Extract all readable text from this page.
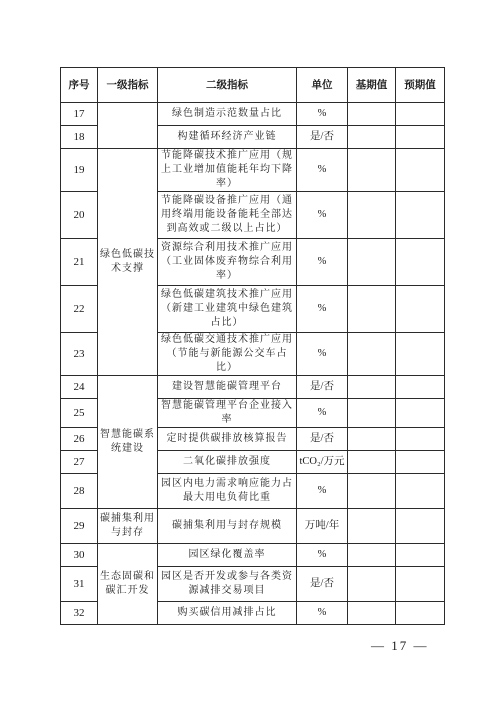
序号	一级指标	二级指标	单位	基期值	预期值
17		绿色制造示范数量占比	%		
18		构建循环经济产业链	是/否		
19	绿色低碳技术支撑	节能降碳技术推广应用（规上工业增加值能耗年均下降率）	%		
20		节能降碳设备推广应用（通用终端用能设备能耗全部达到高效或二级以上占比）	%		
21		资源综合利用技术推广应用（工业固体废弃物综合利用率）	%		
22		绿色低碳建筑技术推广应用（新建工业建筑中绿色建筑占比）	%		
23		绿色低碳交通技术推广应用（节能与新能源公交车占比）	%		
24	智慧能碳系统建设	建设智慧能碳管理平台	是/否		
25		智慧能碳管理平台企业接入率	%		
26		定时提供碳排放核算报告	是/否		
27		二氧化碳排放强度	tCO₂/万元		
28		园区内电力需求响应能力占最大用电负荷比重	%		
29	碳捕集利用与封存	碳捕集利用与封存规模	万吨/年		
30	生态固碳和碳汇开发	园区绿化覆盖率	%		
31		园区是否开发或参与各类资源减排交易项目	是/否		
32		购买碳信用减排占比	%		
— 17 —
